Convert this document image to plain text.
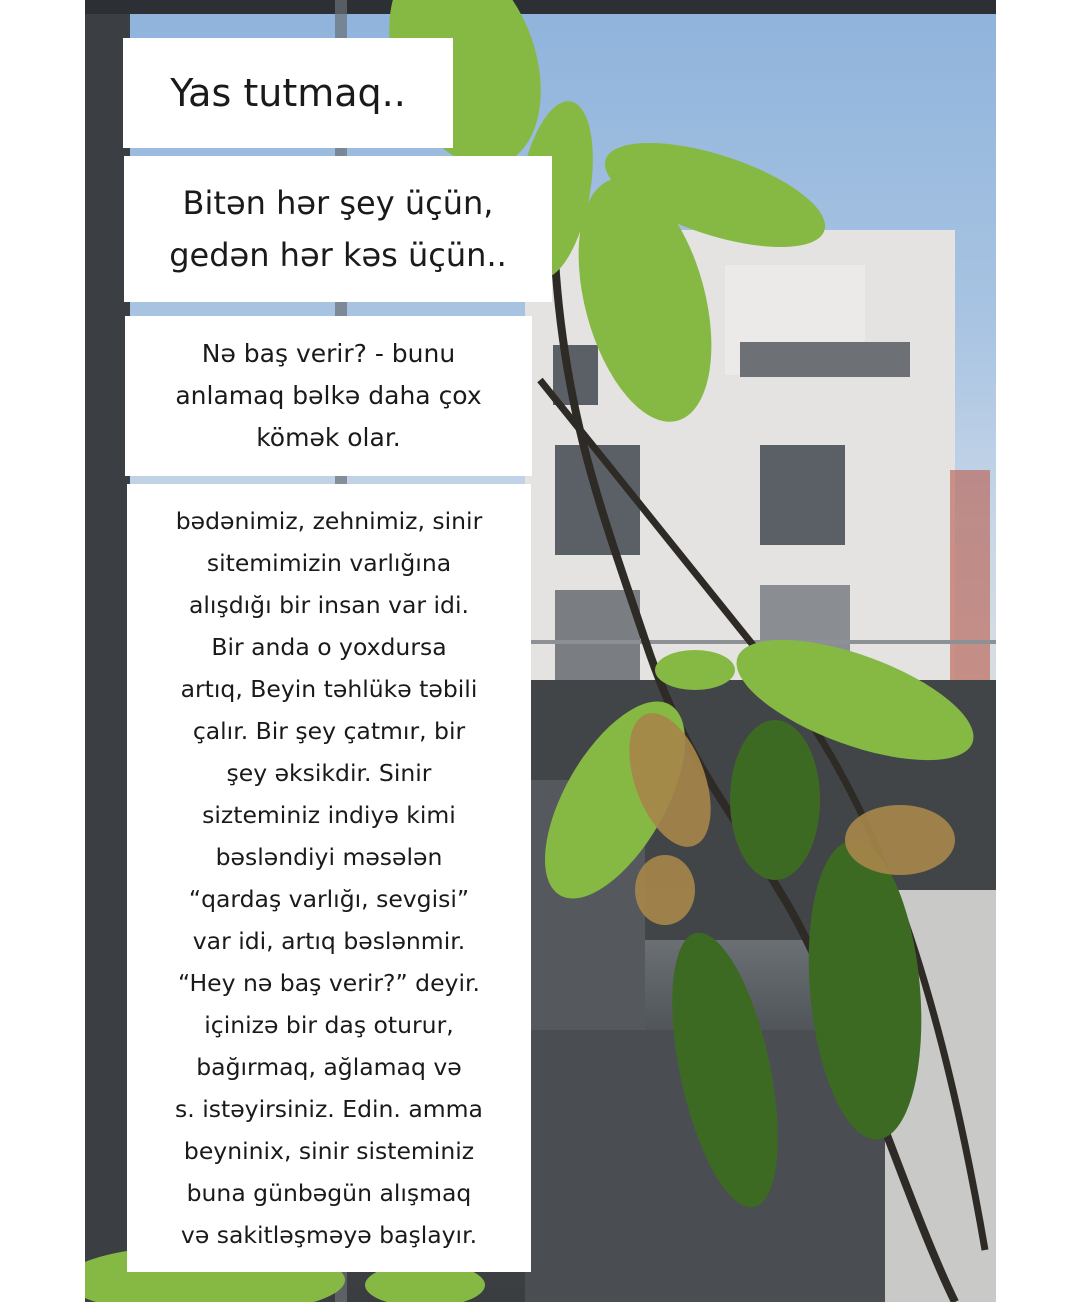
Yas tutmaq..

Bitən hər şey üçün,
gedən hər kəs üçün..

Nə baş verir? - bunu
anlamaq bəlkə daha çox
kömək olar.

bədənimiz, zehnimiz, sinir
sitemimizin varlığına
alışdığı bir insan var idi.
Bir anda o yoxdursa
artıq, Beyin təhlükə təbili
çalır. Bir şey çatmır, bir
şey əksikdir. Sinir
sizteminiz indiyə kimi
bəsləndiyi məsələn
“qardaş varlığı, sevgisi”
var idi, artıq bəslənmir.
“Hey nə baş verir?” deyir.
içinizə bir daş oturur,
bağırmaq, ağlamaq və
s. istəyirsiniz. Edin. amma
beyninix, sinir sisteminiz
buna günbəgün alışmaq
və sakitləşməyə başlayır.
